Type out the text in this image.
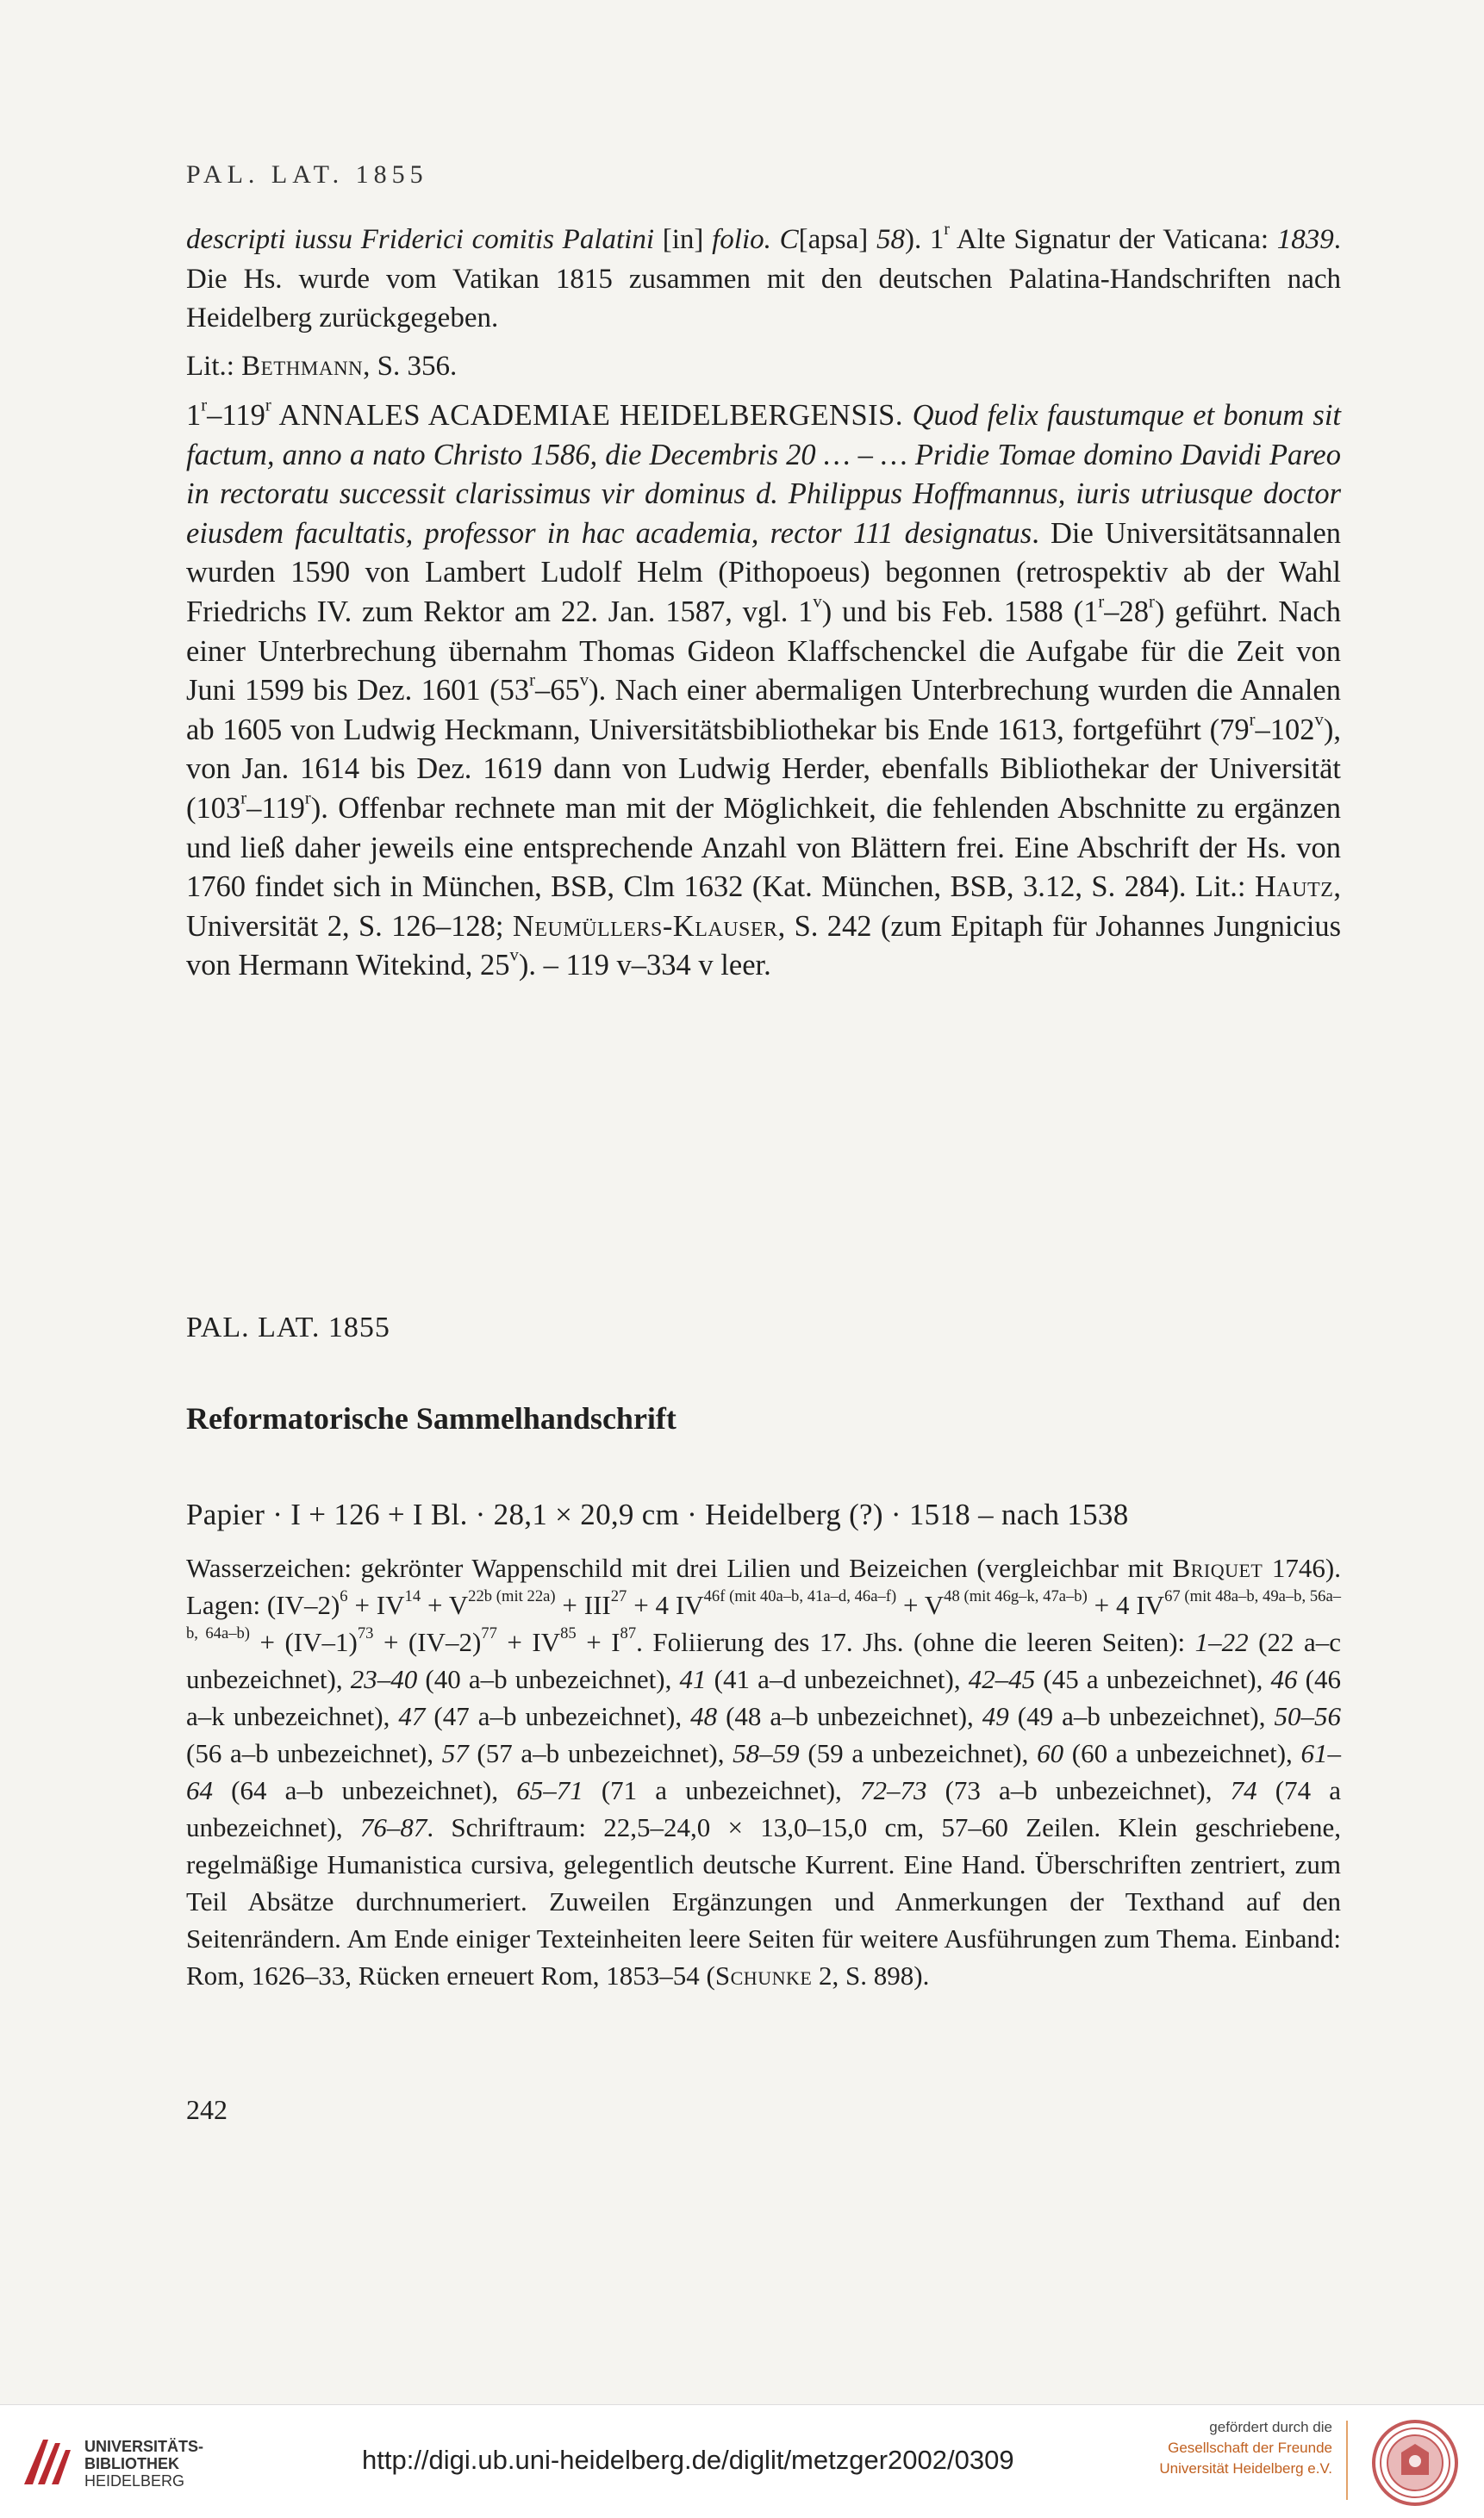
PAL. LAT. 1855

descripti iussu Friderici comitis Palatini [in] folio. C[apsa] 58). 1$^r$ Alte Signatur der Vaticana: 1839. Die Hs. wurde vom Vatikan 1815 zusammen mit den deutschen Palatina-Handschriften nach Heidelberg zurückgegeben.

Lit.: Bethmann, S. 356.

1$^r$–119$^r$ ANNALES ACADEMIAE HEIDELBERGENSIS. Quod felix faustumque et bonum sit factum, anno a nato Christo 1586, die Decembris 20 … – … Pridie Tomae domino Davidi Pareo in rectoratu successit clarissimus vir dominus d. Philippus Hoffmannus, iuris utriusque doctor eiusdem facultatis, professor in hac academia, rector 111 designatus. Die Universitätsannalen wurden 1590 von Lambert Ludolf Helm (Pithopoeus) begonnen (retrospektiv ab der Wahl Friedrichs IV. zum Rektor am 22. Jan. 1587, vgl. 1$^v$) und bis Feb. 1588 (1$^r$–28$^r$) geführt. Nach einer Unterbrechung übernahm Thomas Gideon Klaffschenckel die Aufgabe für die Zeit von Juni 1599 bis Dez. 1601 (53$^r$–65$^v$). Nach einer abermaligen Unterbrechung wurden die Annalen ab 1605 von Ludwig Heckmann, Universitätsbibliothekar bis Ende 1613, fortgeführt (79$^r$–102$^v$), von Jan. 1614 bis Dez. 1619 dann von Ludwig Herder, ebenfalls Bibliothekar der Universität (103$^r$–119$^r$). Offenbar rechnete man mit der Möglichkeit, die fehlenden Abschnitte zu ergänzen und ließ daher jeweils eine entsprechende Anzahl von Blättern frei. Eine Abschrift der Hs. von 1760 findet sich in München, BSB, Clm 1632 (Kat. München, BSB, 3.12, S. 284). Lit.: Hautz, Universität 2, S. 126–128; Neumüllers-Klauser, S. 242 (zum Epitaph für Johannes Jungnicius von Hermann Witekind, 25$^v$). – 119 v–334 v leer.

PAL. LAT. 1855
Reformatorische Sammelhandschrift
Papier · I + 126 + I Bl. · 28,1 × 20,9 cm · Heidelberg (?) · 1518 – nach 1538

Wasserzeichen: gekrönter Wappenschild mit drei Lilien und Beizeichen (vergleichbar mit Briquet 1746). Lagen: $(IV-2)^6 + IV^{14} + V^{22b (mit 22a)} + III^{27} + 4$ $IV^{46f (mit 40a-b, 41a-d, 46a-f)} + V^{48 (mit 46g-k, 47a-b)} + 4$ $IV^{67 (mit 48a-b, 49a-b, 56a-b, 64a-b)} + (IV-1)^{73} + (IV-2)^{77} + IV^{85} + I^{87}$. Foliierung des 17. Jhs. (ohne die leeren Seiten): 1–22 (22 a–c unbezeichnet), 23–40 (40 a–b unbezeichnet), 41 (41 a–d unbezeichnet), 42–45 (45 a unbezeichnet), 46 (46 a–k unbezeichnet), 47 (47 a–b unbezeichnet), 48 (48 a–b unbezeichnet), 49 (49 a–b unbezeichnet), 50–56 (56 a–b unbezeichnet), 57 (57 a–b unbezeichnet), 58–59 (59 a unbezeichnet), 60 (60 a unbezeichnet), 61–64 (64 a–b unbezeichnet), 65–71 (71 a unbezeichnet), 72–73 (73 a–b unbezeichnet), 74 (74 a unbezeichnet), 76–87. Schriftraum: 22,5–24,0 × 13,0–15,0 cm, 57–60 Zeilen. Klein geschriebene, regelmäßige Humanistica cursiva, gelegentlich deutsche Kurrent. Eine Hand. Überschriften zentriert, zum Teil Absätze durchnumeriert. Zuweilen Ergänzungen und Anmerkungen der Texthand auf den Seitenrändern. Am Ende einiger Texteinheiten leere Seiten für weitere Ausführungen zum Thema. Einband: Rom, 1626–33, Rücken erneuert Rom, 1853–54 (Schunke 2, S. 898).

242
UNIVERSITÄTS-
BIBLIOTHEK
HEIDELBERG
http://digi.ub.uni-heidelberg.de/diglit/metzger2002/0309
gefördert durch die
Gesellschaft der Freunde
Universität Heidelberg e.V.
